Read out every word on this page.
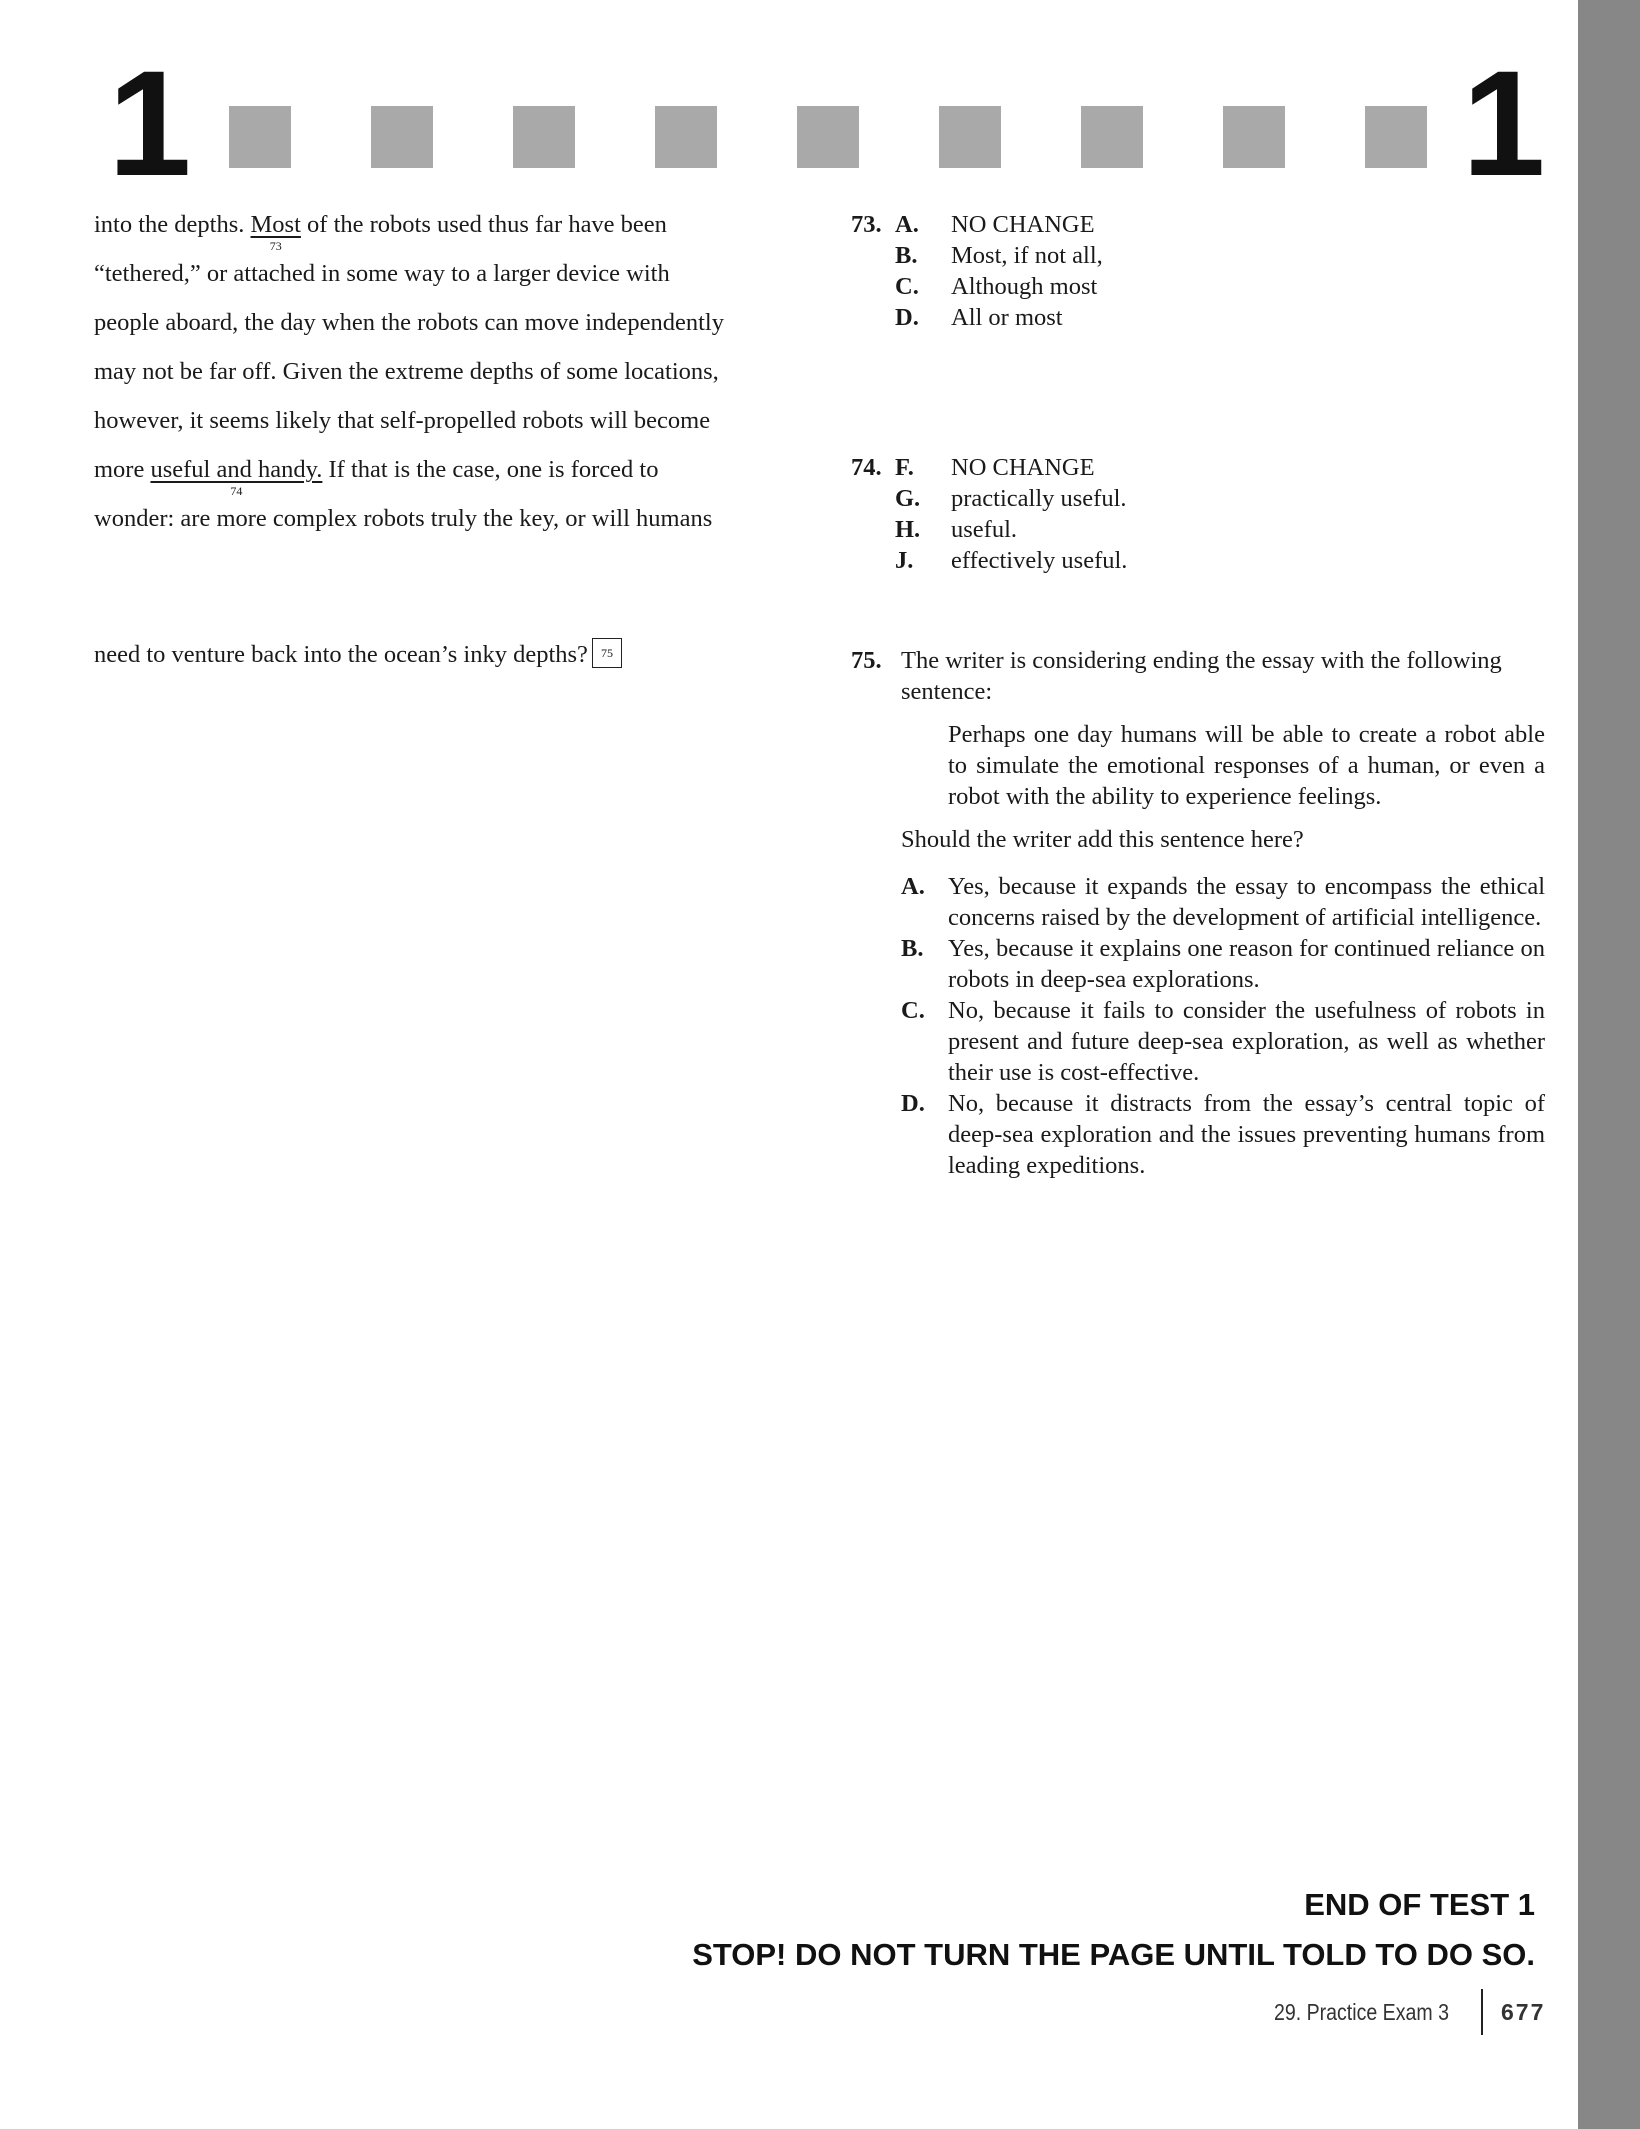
1	1
into the depths. Most
73
of the robots used thus far have been
“tethered,” or attached in some way to a larger device with
people aboard, the day when the robots can move independently
may not be far off. Given the extreme depths of some locations,
however, it seems likely that self-propelled robots will become
more useful and handy.
74
If that is the case, one is forced to
wonder: are more complex robots truly the key, or will humans
need to venture back into the ocean’s inky depths? 75
73. A. NO CHANGE
B. Most, if not all,
C. Although most
D. All or most
74. F. NO CHANGE
G. practically useful.
H. useful.
J. effectively useful.
75. The writer is considering ending the essay with the following sentence:
Perhaps one day humans will be able to create a robot able to simulate the emotional responses of a human, or even a robot with the ability to experience feelings.
Should the writer add this sentence here?
A. Yes, because it expands the essay to encompass the ethical concerns raised by the development of artificial intelligence.
B. Yes, because it explains one reason for continued reliance on robots in deep-sea explorations.
C. No, because it fails to consider the usefulness of robots in present and future deep-sea exploration, as well as whether their use is cost-effective.
D. No, because it distracts from the essay’s central topic of deep-sea exploration and the issues preventing humans from leading expeditions.
END OF TEST 1
STOP! DO NOT TURN THE PAGE UNTIL TOLD TO DO SO.
29. Practice Exam 3 677
